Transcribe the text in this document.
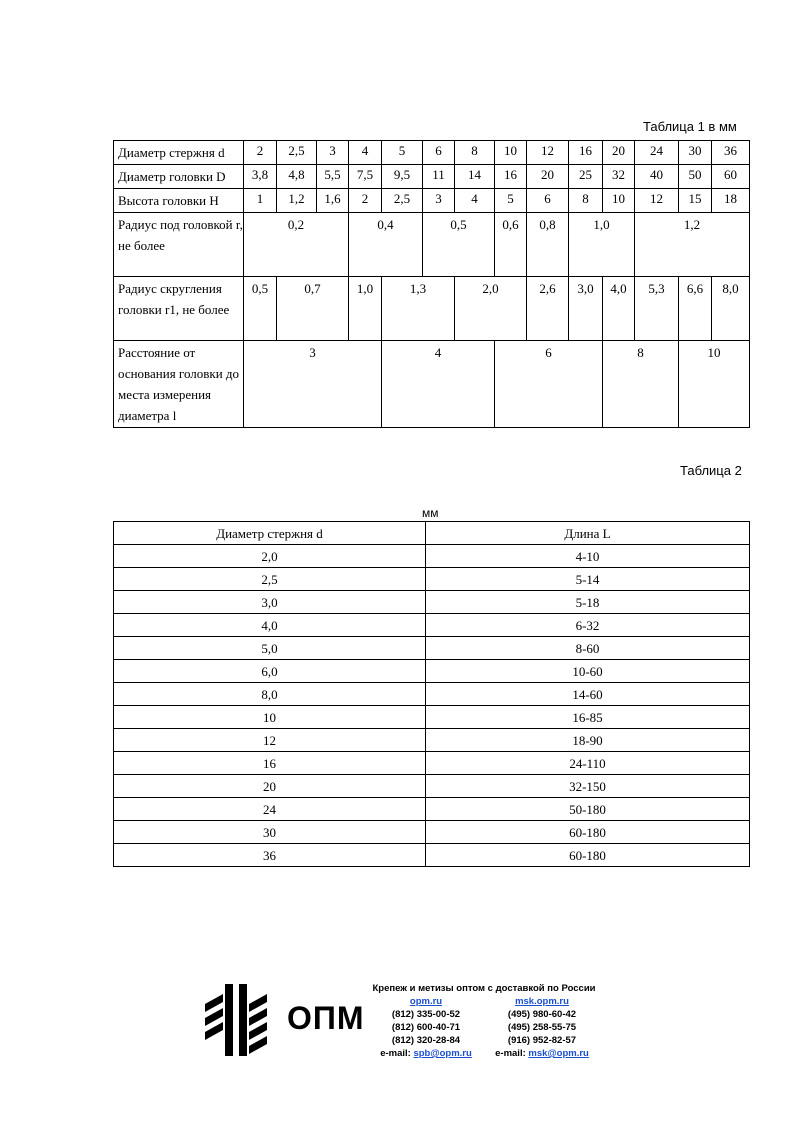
Таблица 1 в мм
Диаметр стержня d	2	2,5	3	4	5	6	8	10	12	16	20	24	30	36	
Диаметр головки D	3,8	4,8	5,5	7,5	9,5	11	14	16	20	25	32	40	50	60	
Высота головки H	1	1,2	1,6	2	2,5	3	4	5	6	8	10	12	15	18	
Радиус под головкой r, не более	0,2			0,4		0,5		0,6	0,8	1,0		1,2	
Радиус скругления головки r1, не более	0,5	0,7		1,0	1,3		2,0		2,6	3,0	4,0	5,3	6,6	8,0	
Расстояние от основания головки до места измерения диаметра l	3				4			6			8		10		
Таблица 2
мм
Диаметр стержня d	Длина L
2,0	4-10
2,5	5-14
3,0	5-18
4,0	6-32
5,0	8-60
6,0	10-60
8,0	14-60
10	16-85
12	18-90
16	24-110
20	32-150
24	50-180
30	60-180
36	60-180
ОПМ
Крепеж и метизы оптом с доставкой по России
opm.ru
(812) 335-00-52
(812) 600-40-71
(812) 320-28-84
e-mail: spb@opm.ru
msk.opm.ru
(495) 980-60-42
(495) 258-55-75
(916) 952-82-57
e-mail: msk@opm.ru
